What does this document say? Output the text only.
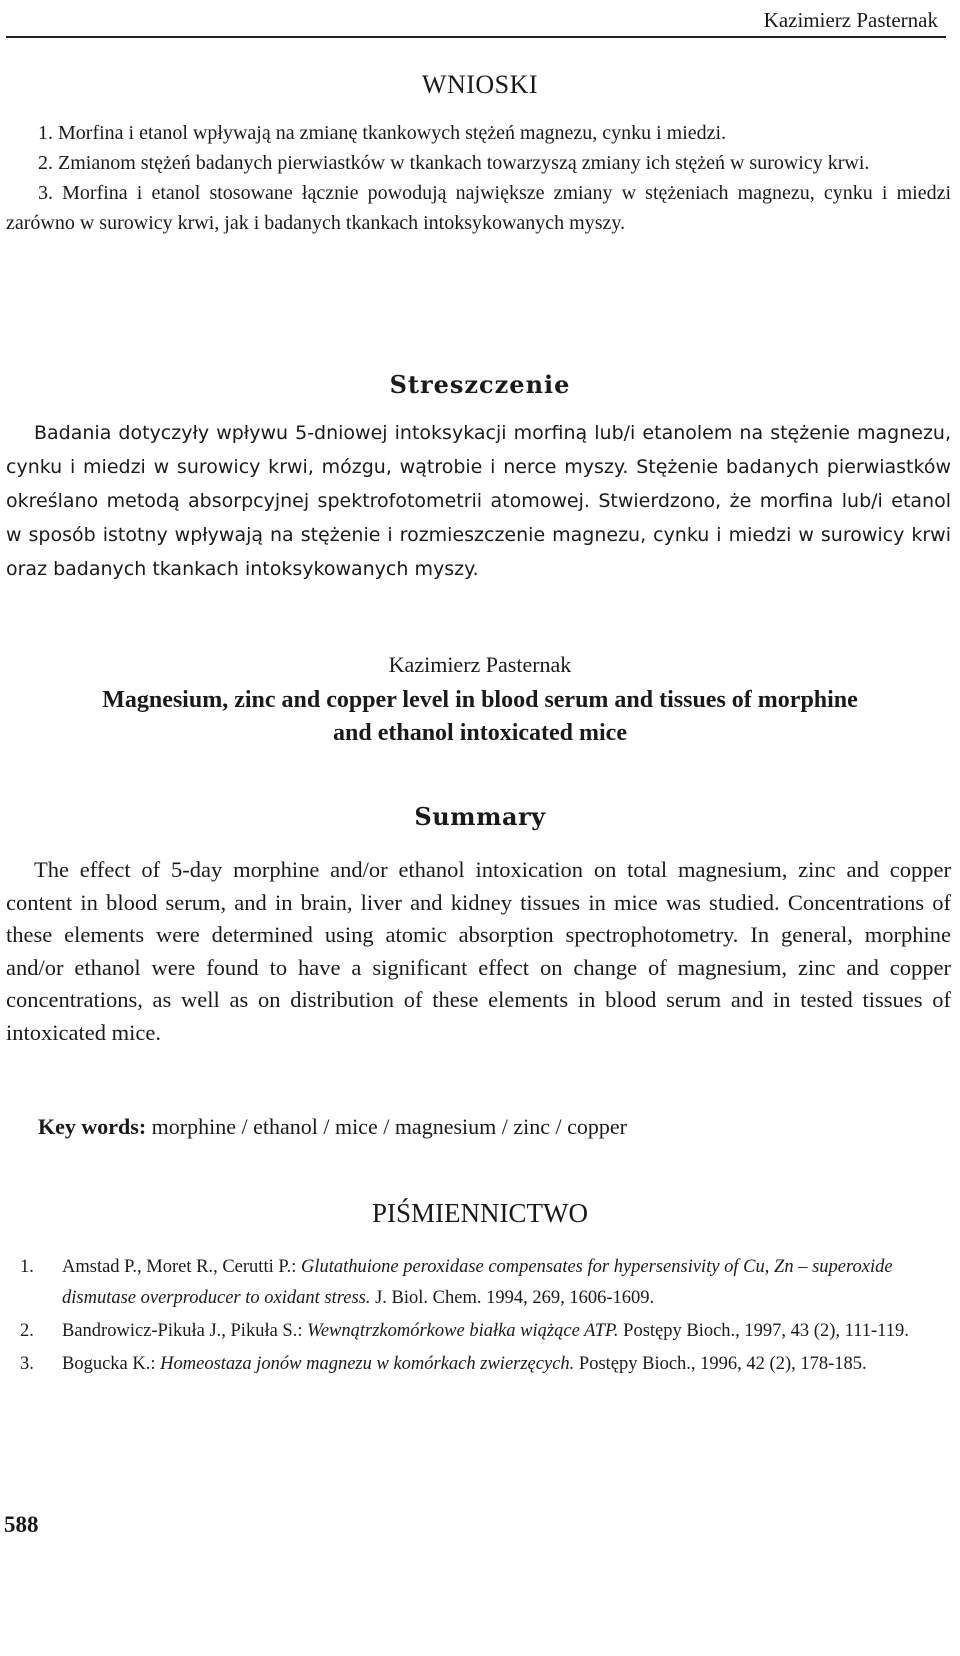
Kazimierz Pasternak
WNIOSKI

1. Morfina i etanol wpływają na zmianę tkankowych stężeń magnezu, cynku i miedzi.

2. Zmianom stężeń badanych pierwiastków w tkankach towarzyszą zmiany ich stężeń w surowicy krwi.

3. Morfina i etanol stosowane łącznie powodują największe zmiany w stężeniach magnezu, cynku i miedzi zarówno w surowicy krwi, jak i badanych tkankach intoksykowanych myszy.

Streszczenie
Badania dotyczyły wpływu 5-dniowej intoksykacji morfiną lub/i etanolem na stężenie magnezu, cynku i miedzi w surowicy krwi, mózgu, wątrobie i nerce myszy. Stężenie badanych pierwiastków określano metodą absorpcyjnej spektrofotometrii atomowej. Stwierdzono, że morfina lub/i etanol w sposób istotny wpływają na stężenie i rozmieszczenie magnezu, cynku i miedzi w surowicy krwi oraz badanych tkankach intoksykowanych myszy.
Kazimierz Pasternak
Magnesium, zinc and copper level in blood serum and tissues of morphine
and ethanol intoxicated mice
Summary
The effect of 5-day morphine and/or ethanol intoxication on total magnesium, zinc and copper content in blood serum, and in brain, liver and kidney tissues in mice was studied. Concentrations of these elements were determined using atomic absorption spectrophotometry. In general, morphine and/or ethanol were found to have a significant effect on change of magnesium, zinc and copper concentrations, as well as on distribution of these elements in blood serum and in tested tissues of intoxicated mice.
Key words: morphine / ethanol / mice / magnesium / zinc / copper
PIŚMIENNICTWO
1. Amstad P., Moret R., Cerutti P.: Glutathuione peroxidase compensates for hypersensivity of Cu, Zn – superoxide dismutase overproducer to oxidant stress. J. Biol. Chem. 1994, 269, 1606-1609.
2. Bandrowicz-Pikuła J., Pikuła S.: Wewnątrzkomórkowe białka wiążące ATP. Postępy Bioch., 1997, 43 (2), 111-119.
3. Bogucka K.: Homeostaza jonów magnezu w komórkach zwierzęcych. Postępy Bioch., 1996, 42 (2), 178-185.
588
